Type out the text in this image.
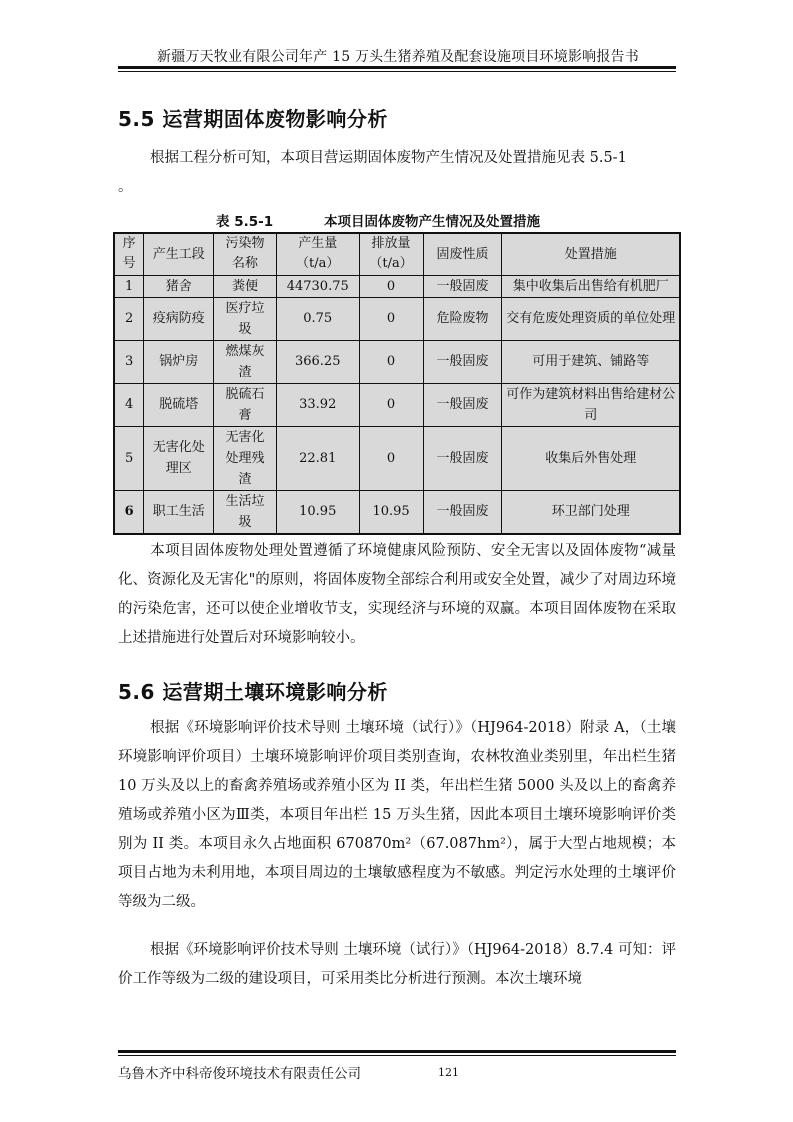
新疆万天牧业有限公司年产 15 万头生猪养殖及配套设施项目环境影响报告书
5.5 运营期固体废物影响分析
根据工程分析可知，本项目营运期固体废物产生情况及处置措施见表 5.5-1
。
表 5.5-1	本项目固体废物产生情况及处置措施
序号	产生工段	污染物名称	产生量（t/a）	排放量（t/a）	固废性质	处置措施
1	猪舍	粪便	44730.75	0	一般固废	集中收集后出售给有机肥厂
2	疫病防疫	医疗垃圾	0.75	0	危险废物	交有危废处理资质的单位处理
3	锅炉房	燃煤灰渣	366.25	0	一般固废	可用于建筑、铺路等
4	脱硫塔	脱硫石膏	33.92	0	一般固废	可作为建筑材料出售给建材公司
5	无害化处理区	无害化处理残渣	22.81	0	一般固废	收集后外售处理
6	职工生活	生活垃圾	10.95	10.95	一般固废	环卫部门处理
本项目固体废物处理处置遵循了环境健康风险预防、安全无害以及固体废物“减量化、资源化及无害化"的原则，将固体废物全部综合利用或安全处置，减少了对周边环境的污染危害，还可以使企业增收节支，实现经济与环境的双赢。本项目固体废物在采取上述措施进行处置后对环境影响较小。
5.6 运营期土壤环境影响分析
根据《环境影响评价技术导则 土壤环境（试行）》（HJ964-2018）附录 A，（土壤环境影响评价项目）土壤环境影响评价项目类别查询，农林牧渔业类别里，年出栏生猪 10 万头及以上的畜禽养殖场或养殖小区为 II 类，年出栏生猪 5000 头及以上的畜禽养殖场或养殖小区为Ⅲ类，本项目年出栏 15 万头生猪，因此本项目土壤环境影响评价类别为 II 类。本项目永久占地面积 670870m²（67.087hm²），属于大型占地规模；本项目占地为未利用地，本项目周边的土壤敏感程度为不敏感。判定污水处理的土壤评价等级为二级。
根据《环境影响评价技术导则 土壤环境（试行）》（HJ964-2018）8.7.4 可知：评价工作等级为二级的建设项目，可采用类比分析进行预测。本次土壤环境
乌鲁木齐中科帝俊环境技术有限责任公司	121
